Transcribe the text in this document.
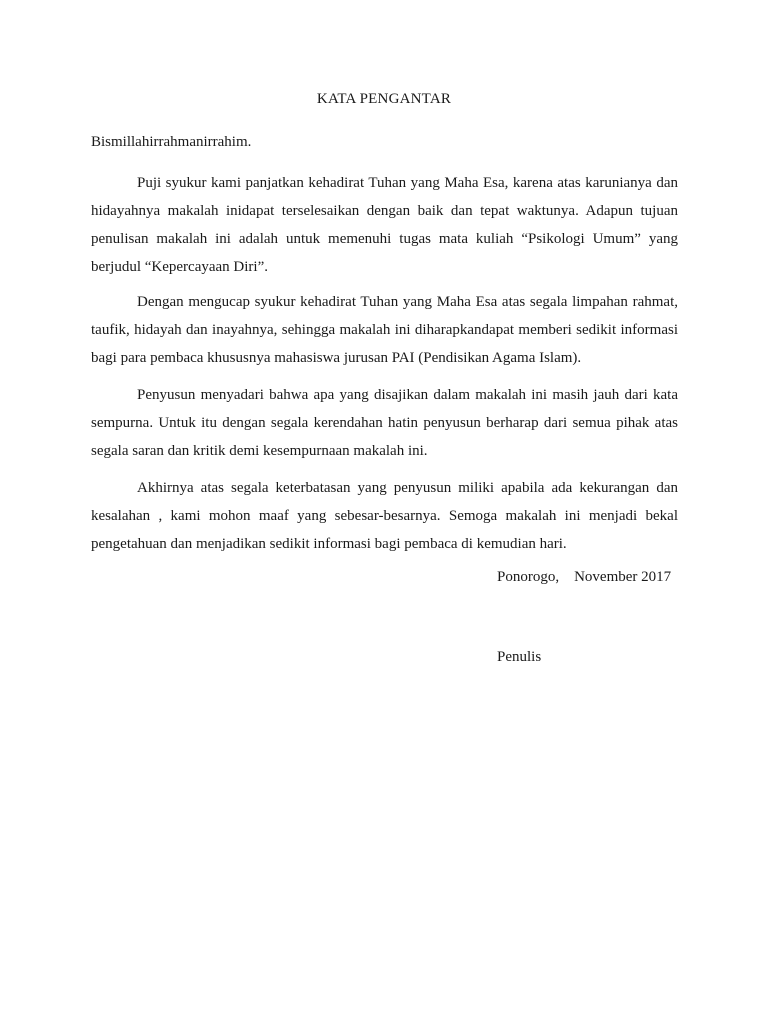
KATA PENGANTAR
Bismillahirrahmanirrahim.

Puji syukur kami panjatkan kehadirat Tuhan yang Maha Esa, karena atas karunianya dan hidayahnya makalah inidapat terselesaikan dengan baik dan tepat waktunya. Adapun tujuan penulisan makalah ini adalah untuk memenuhi tugas mata kuliah “Psikologi Umum” yang berjudul “Kepercayaan Diri”.

Dengan mengucap syukur kehadirat Tuhan yang Maha Esa atas segala limpahan rahmat, taufik, hidayah dan inayahnya, sehingga makalah ini diharapkandapat memberi sedikit informasi bagi para pembaca khususnya mahasiswa jurusan PAI (Pendisikan Agama Islam).

Penyusun menyadari bahwa apa yang disajikan dalam makalah ini masih jauh dari kata sempurna. Untuk itu dengan segala kerendahan hatin penyusun berharap dari semua pihak atas segala saran dan kritik demi kesempurnaan makalah ini.

Akhirnya atas segala keterbatasan yang penyusun miliki apabila ada kekurangan dan kesalahan , kami mohon maaf yang sebesar-besarnya. Semoga makalah ini menjadi bekal pengetahuan dan menjadikan sedikit informasi bagi pembaca di kemudian hari.

Ponorogo,    November 2017
Penulis
